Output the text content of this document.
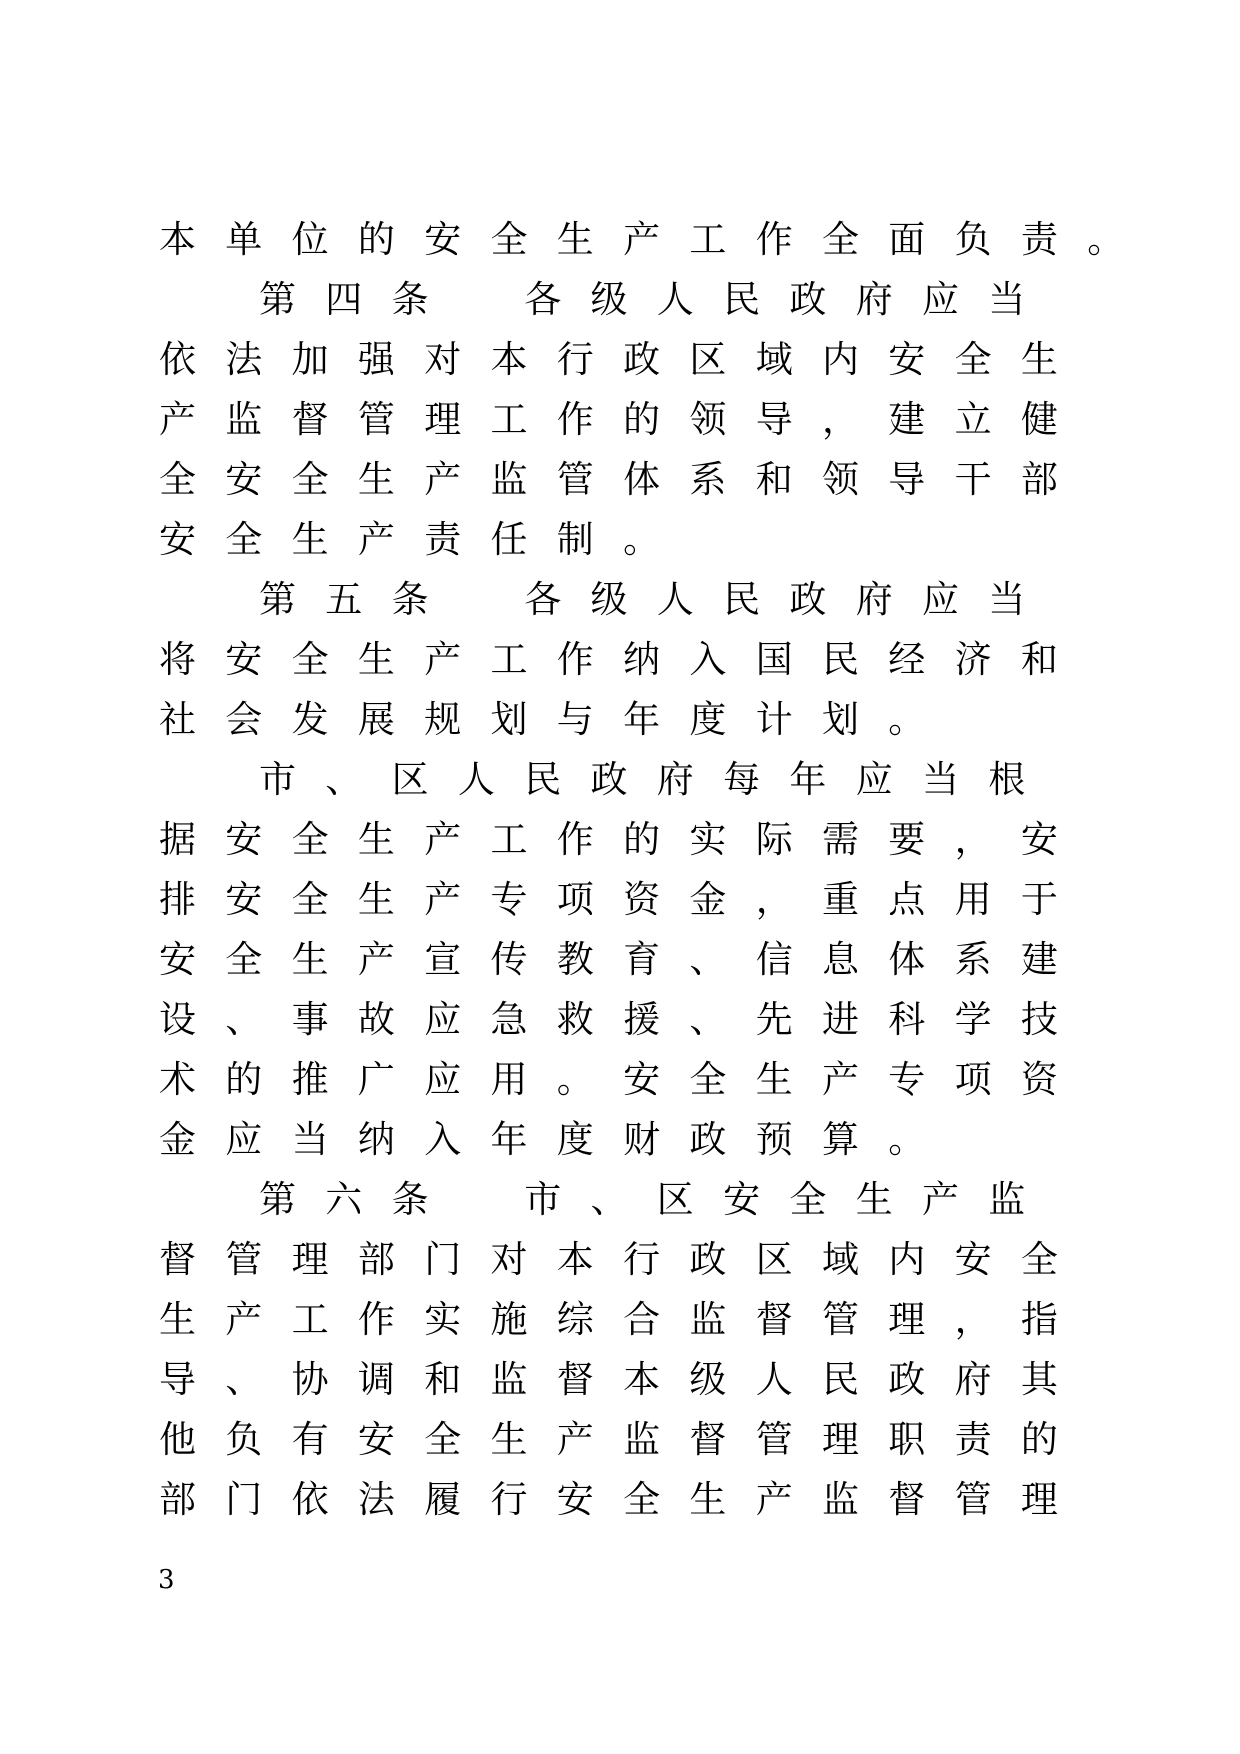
本单位的安全生产工作全面负责。
第四条　各级人民政府应当
依法加强对本行政区域内安全生
产监督管理工作的领导，建立健
全安全生产监管体系和领导干部
安全生产责任制。
第五条　各级人民政府应当
将安全生产工作纳入国民经济和
社会发展规划与年度计划。
市、区人民政府每年应当根
据安全生产工作的实际需要，安
排安全生产专项资金，重点用于
安全生产宣传教育、信息体系建
设、事故应急救援、先进科学技
术的推广应用。安全生产专项资
金应当纳入年度财政预算。
第六条　市、区安全生产监
督管理部门对本行政区域内安全
生产工作实施综合监督管理，指
导、协调和监督本级人民政府其
他负有安全生产监督管理职责的
部门依法履行安全生产监督管理
3
